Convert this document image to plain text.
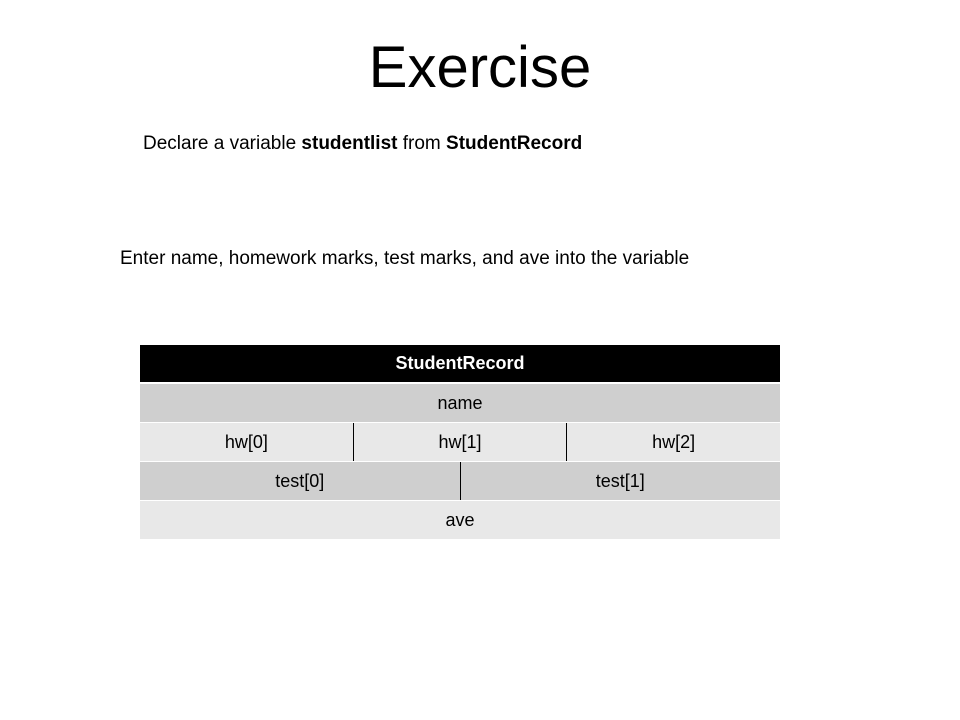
Exercise
Declare a variable studentlist from StudentRecord
Enter name, homework marks, test marks, and ave into the variable
StudentRecord
name
hw[0]	hw[1]	hw[2]
test[0]	test[1]
ave
